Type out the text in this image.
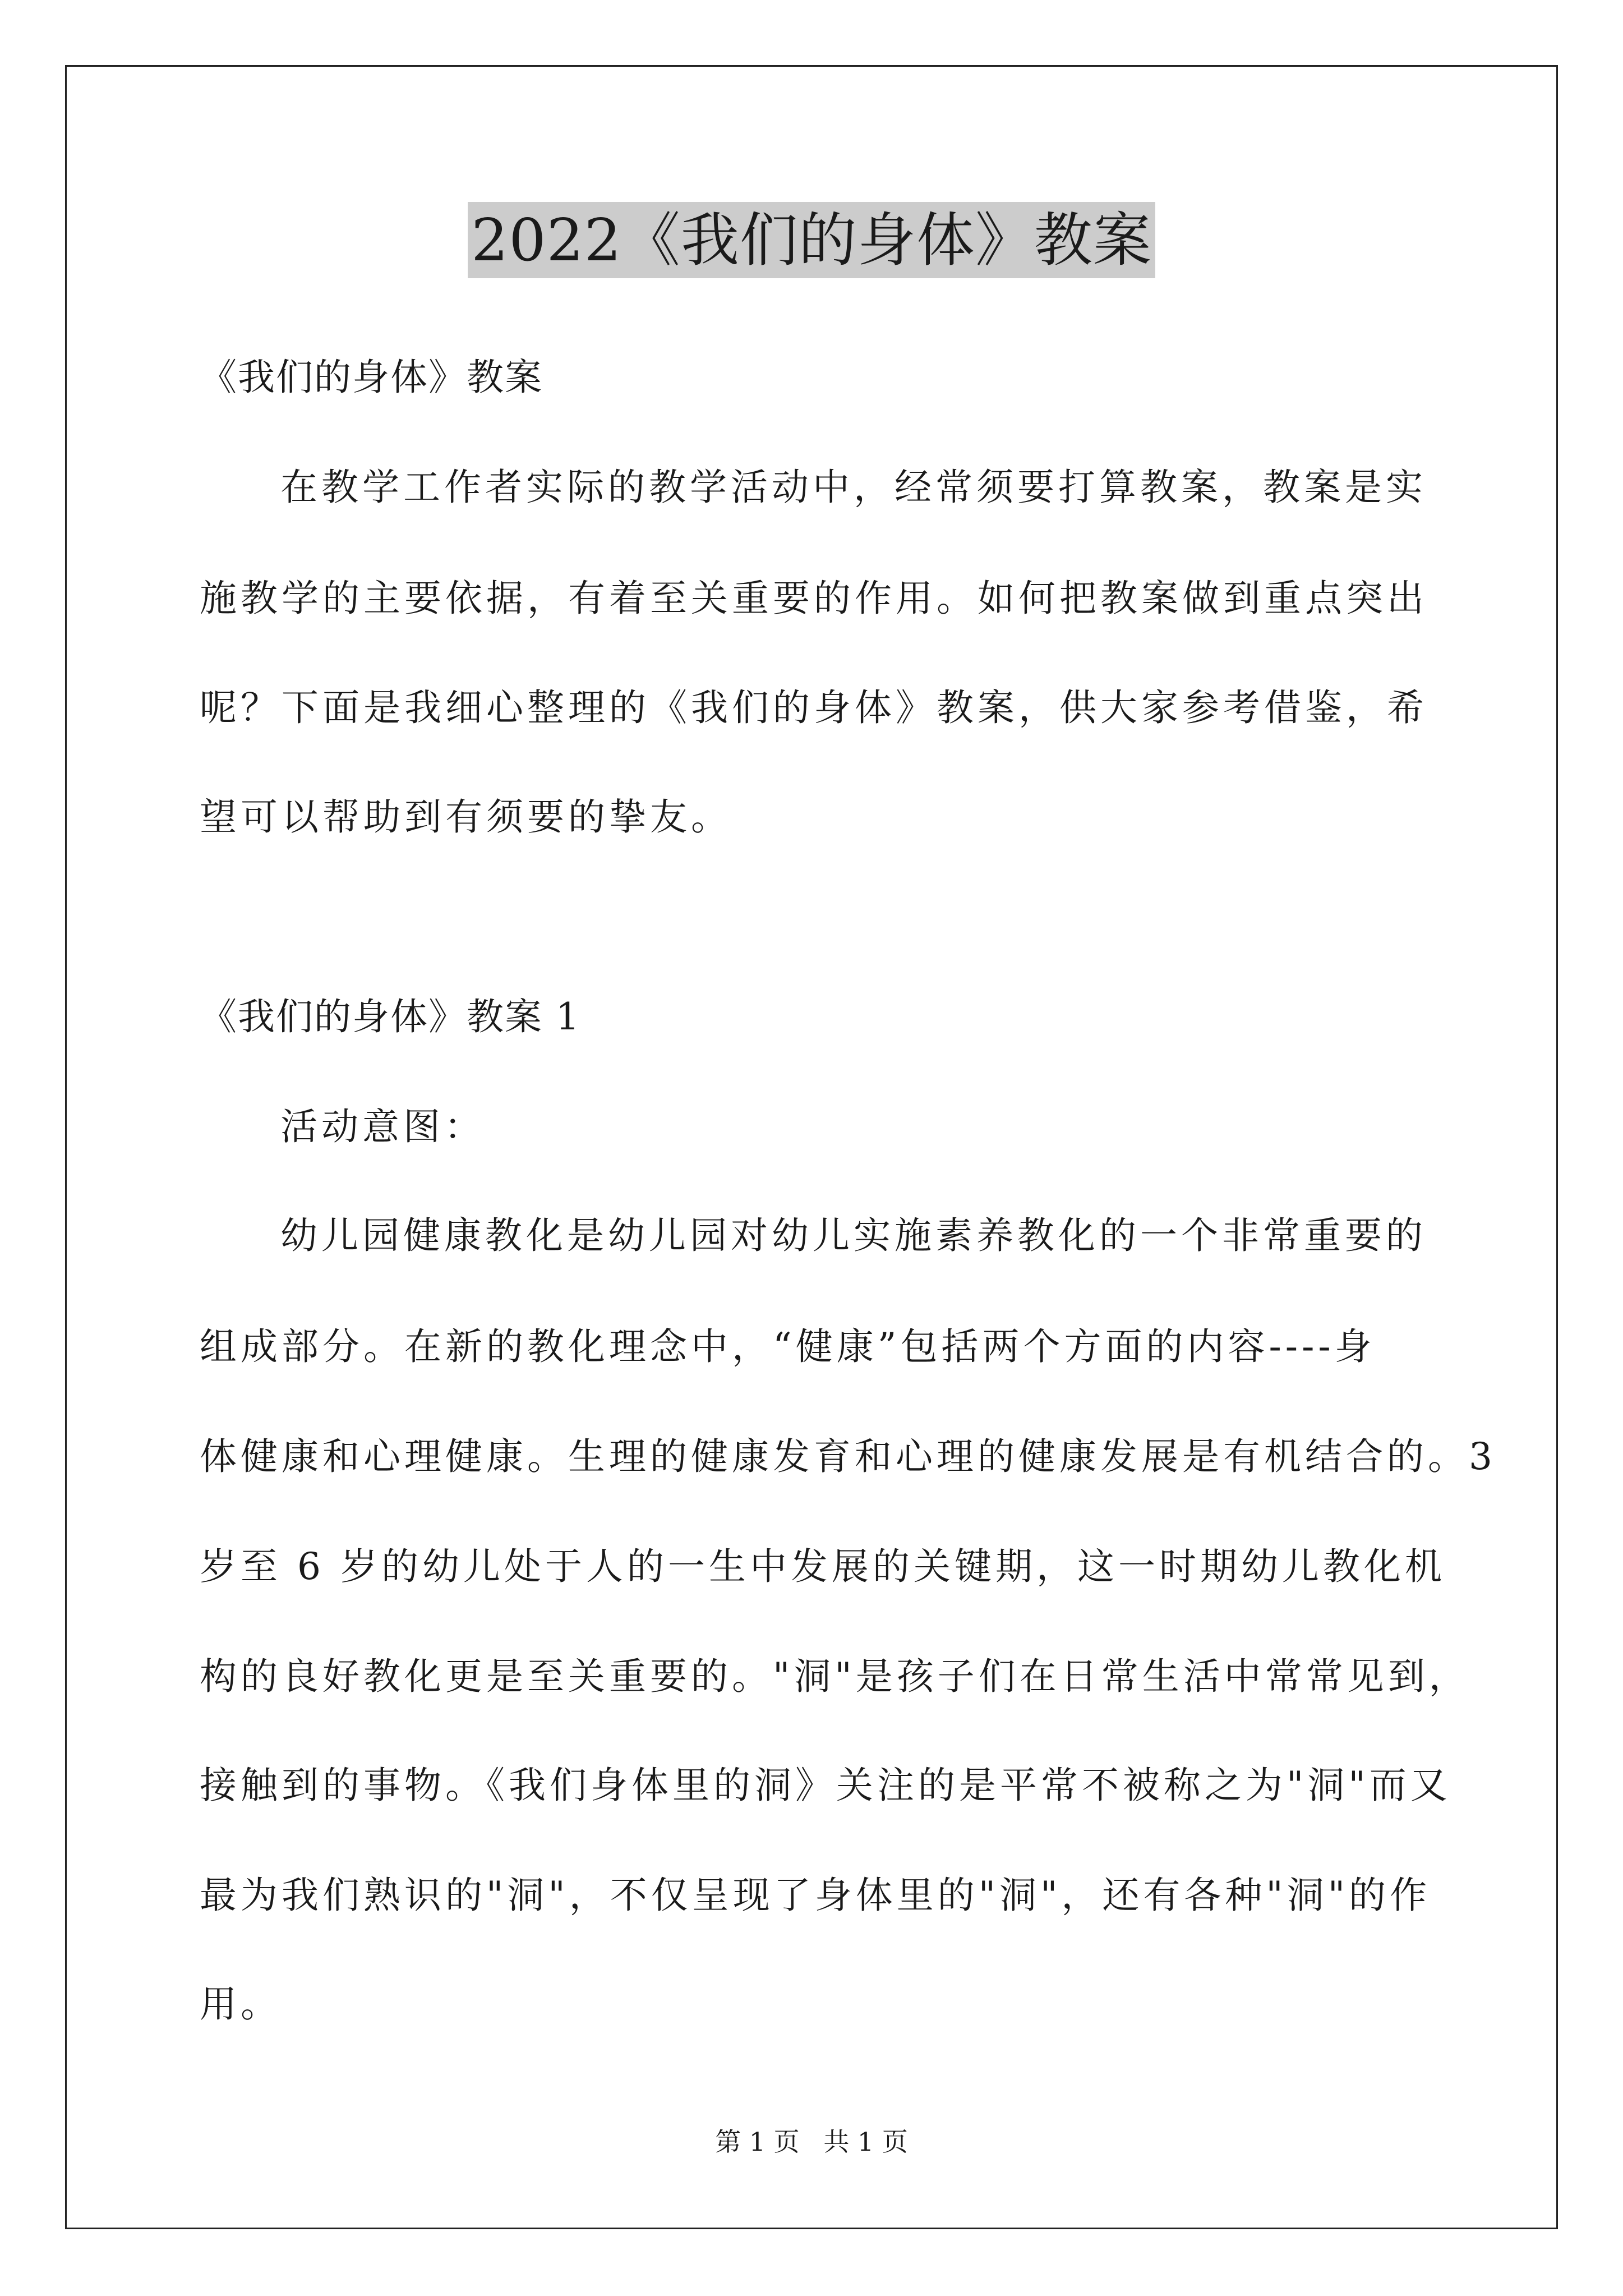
2022《我们的身体》教案
《我们的身体》教案
在教学工作者实际的教学活动中，经常须要打算教案，教案是实
施教学的主要依据，有着至关重要的作用。如何把教案做到重点突出
呢？下面是我细心整理的《我们的身体》教案，供大家参考借鉴，希
望可以帮助到有须要的挚友。
《我们的身体》教案 1
活动意图：
幼儿园健康教化是幼儿园对幼儿实施素养教化的一个非常重要的
组成部分。在新的教化理念中，“健康”包括两个方面的内容----身
体健康和心理健康。生理的健康发育和心理的健康发展是有机结合的。3
岁至 6 岁的幼儿处于人的一生中发展的关键期，这一时期幼儿教化机
构的良好教化更是至关重要的。"洞"是孩子们在日常生活中常常见到，
接触到的事物。《我们身体里的洞》关注的是平常不被称之为"洞"而又
最为我们熟识的"洞"，不仅呈现了身体里的"洞"，还有各种"洞"的作
用。
第 1 页 共 1 页
